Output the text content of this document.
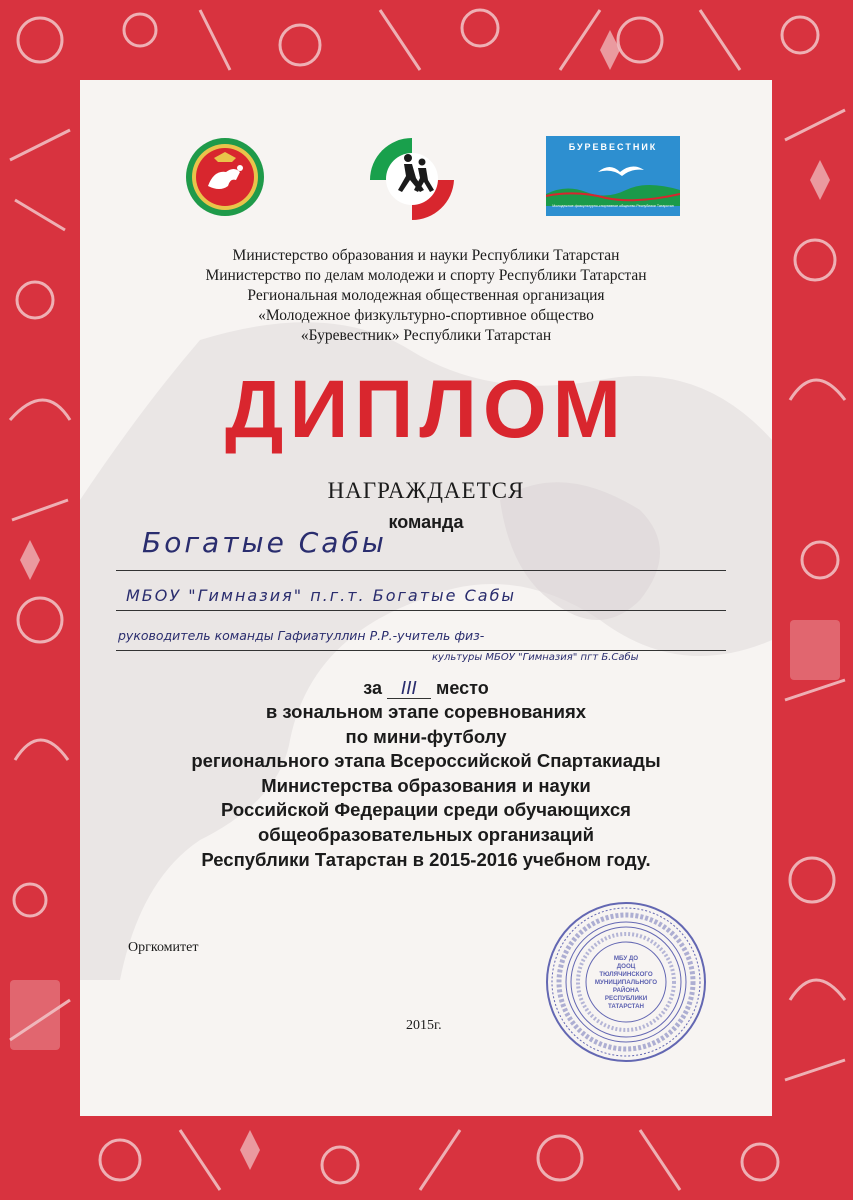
БУРЕВЕСТНИК
Молодежное физкультурно-спортивное общество Республики Татарстан
Министерство образования и науки Республики Татарстан
Министерство по делам молодежи и спорту Республики Татарстан
Региональная молодежная общественная организация
«Молодежное физкультурно-спортивное общество
«Буревестник» Республики Татарстан
ДИПЛОМ
НАГРАЖДАЕТСЯ
команда
Богатые Сабы
МБОУ "Гимназия" п.г.т. Богатые Сабы
руководитель команды Гафиатуллин Р.Р.-учитель физ-
культуры МБОУ "Гимназия" пгт Б.Сабы
за III место
в зональном этапе соревнованиях
по мини-футболу
регионального этапа Всероссийской Спартакиады
Министерства образования и науки
Российской Федерации среди обучающихся
общеобразовательных организаций
Республики Татарстан в 2015-2016 учебном году.
Оргкомитет
2015г.
МБУ ДО
ДООЦ
ТЮЛЯЧИНСКОГО
МУНИЦИПАЛЬНОГО
РАЙОНА
РЕСПУБЛИКИ
ТАТАРСТАН
